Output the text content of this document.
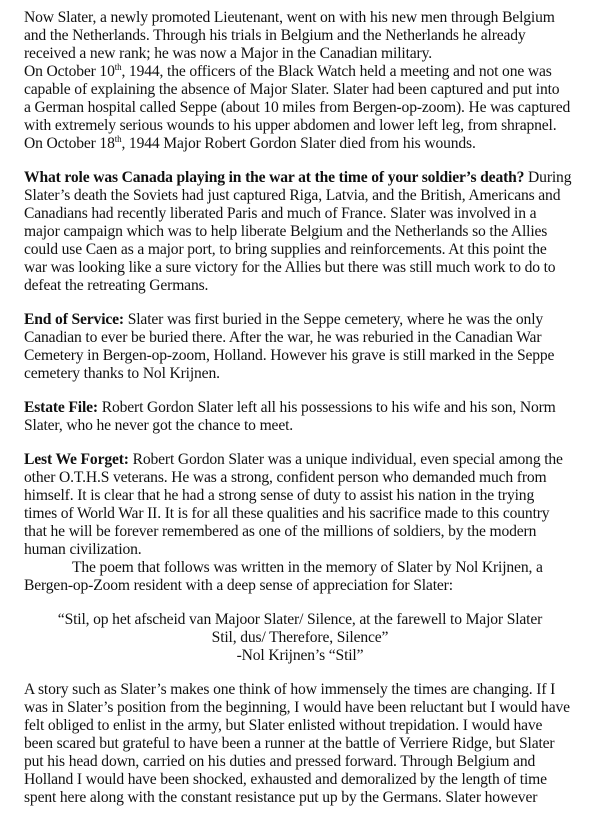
Now Slater, a newly promoted Lieutenant, went on with his new men through Belgium
and the Netherlands. Through his trials in Belgium and the Netherlands he already
received a new rank; he was now a Major in the Canadian military.
On October 10th, 1944, the officers of the Black Watch held a meeting and not one was
capable of explaining the absence of Major Slater. Slater had been captured and put into
a German hospital called Seppe (about 10 miles from Bergen-op-zoom). He was captured
with extremely serious wounds to his upper abdomen and lower left leg, from shrapnel.
On October 18th, 1944 Major Robert Gordon Slater died from his wounds.
What role was Canada playing in the war at the time of your soldier’s death? During
Slater’s death the Soviets had just captured Riga, Latvia, and the British, Americans and
Canadians had recently liberated Paris and much of France. Slater was involved in a
major campaign which was to help liberate Belgium and the Netherlands so the Allies
could use Caen as a major port, to bring supplies and reinforcements. At this point the
war was looking like a sure victory for the Allies but there was still much work to do to
defeat the retreating Germans.
End of Service: Slater was first buried in the Seppe cemetery, where he was the only
Canadian to ever be buried there. After the war, he was reburied in the Canadian War
Cemetery in Bergen-op-zoom, Holland. However his grave is still marked in the Seppe
cemetery thanks to Nol Krijnen.
Estate File: Robert Gordon Slater left all his possessions to his wife and his son, Norm
Slater, who he never got the chance to meet.
Lest We Forget: Robert Gordon Slater was a unique individual, even special among the
other O.T.H.S veterans. He was a strong, confident person who demanded much from
himself. It is clear that he had a strong sense of duty to assist his nation in the trying
times of World War II. It is for all these qualities and his sacrifice made to this country
that he will be forever remembered as one of the millions of soldiers, by the modern
human civilization.
The poem that follows was written in the memory of Slater by Nol Krijnen, a
Bergen-op-Zoom resident with a deep sense of appreciation for Slater:
“Stil, op het afscheid van Majoor Slater/ Silence, at the farewell to Major Slater
Stil, dus/ Therefore, Silence”
-Nol Krijnen’s “Stil”
A story such as Slater’s makes one think of how immensely the times are changing. If I
was in Slater’s position from the beginning, I would have been reluctant but I would have
felt obliged to enlist in the army, but Slater enlisted without trepidation. I would have
been scared but grateful to have been a runner at the battle of Verriere Ridge, but Slater
put his head down, carried on his duties and pressed forward. Through Belgium and
Holland I would have been shocked, exhausted and demoralized by the length of time
spent here along with the constant resistance put up by the Germans. Slater however
